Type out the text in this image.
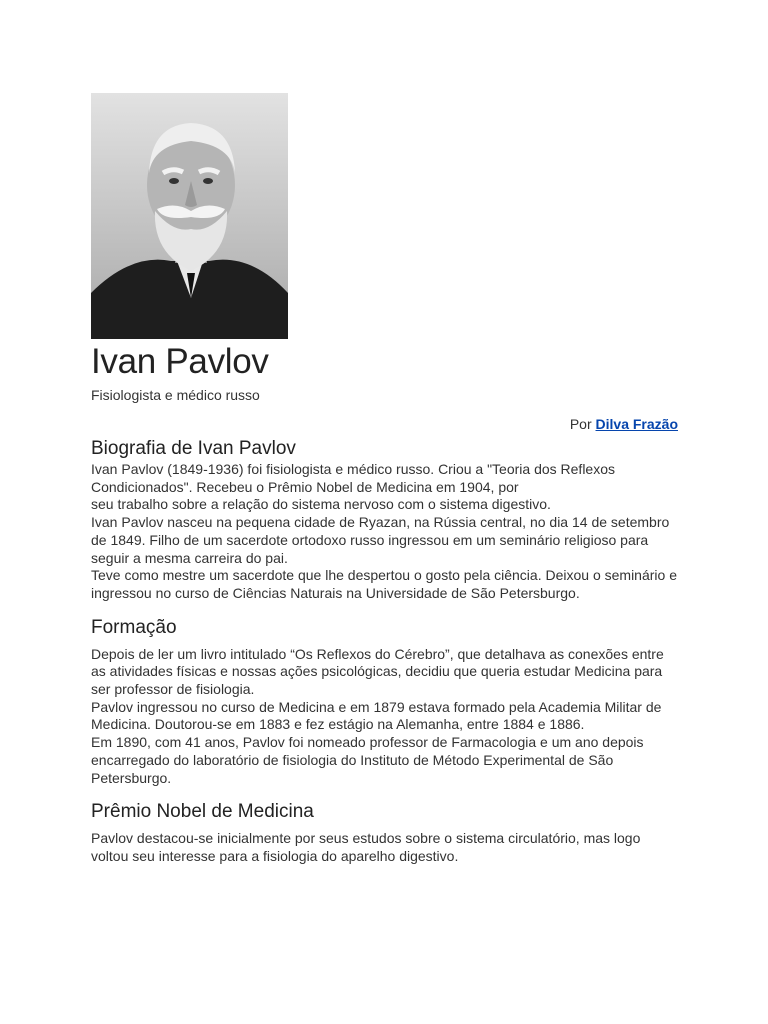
Ivan Pavlov
Fisiologista e médico russo
Por Dilva Frazão
Biografia de Ivan Pavlov

Ivan Pavlov (1849-1936) foi fisiologista e médico russo. Criou a "Teoria dos Reflexos Condicionados". Recebeu o Prêmio Nobel de Medicina em 1904, por

seu trabalho sobre a relação do sistema nervoso com o sistema digestivo.

Ivan Pavlov nasceu na pequena cidade de Ryazan, na Rússia central, no dia 14 de setembro de 1849. Filho de um sacerdote ortodoxo russo ingressou em um seminário religioso para seguir a mesma carreira do pai.

Teve como mestre um sacerdote que lhe despertou o gosto pela ciência. Deixou o seminário e ingressou no curso de Ciências Naturais na Universidade de São Petersburgo.

Formação

Depois de ler um livro intitulado “Os Reflexos do Cérebro”, que detalhava as conexões entre as atividades físicas e nossas ações psicológicas, decidiu que queria estudar Medicina para ser professor de fisiologia.

Pavlov ingressou no curso de Medicina e em 1879 estava formado pela Academia Militar de Medicina. Doutorou-se em 1883 e fez estágio na Alemanha, entre 1884 e 1886.

Em 1890, com 41 anos, Pavlov foi nomeado professor de Farmacologia e um ano depois encarregado do laboratório de fisiologia do Instituto de Método Experimental de São Petersburgo.

Prêmio Nobel de Medicina

Pavlov destacou-se inicialmente por seus estudos sobre o sistema circulatório, mas logo voltou seu interesse para a fisiologia do aparelho digestivo.
